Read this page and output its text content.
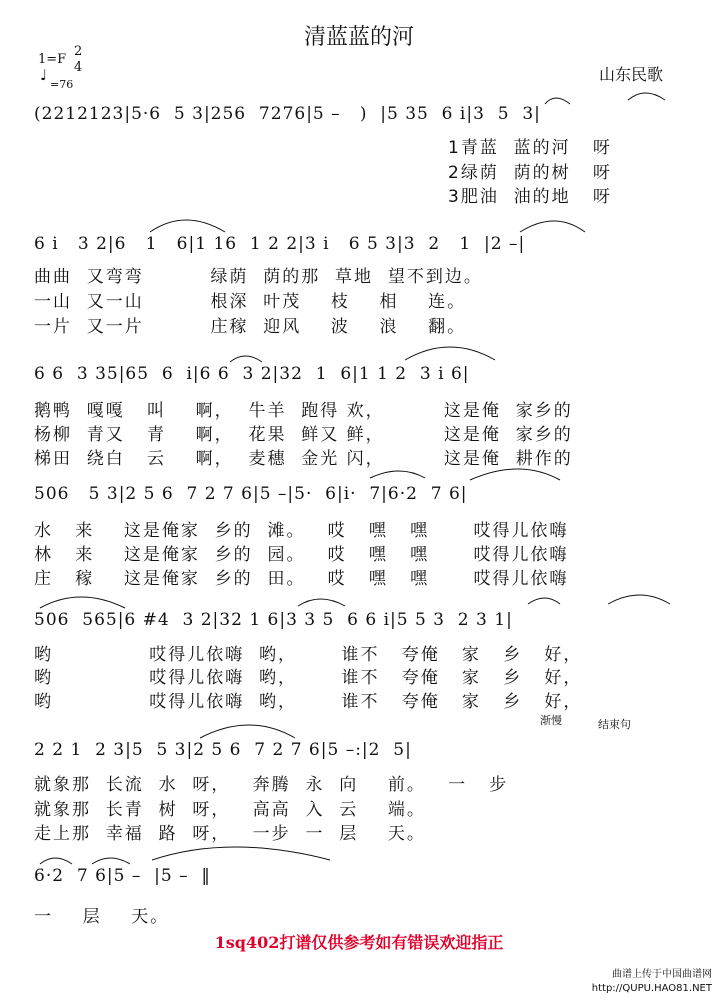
清蓝蓝的河
1=F
2
4
♩
=76
山东民歌
(2212123|5·6  5 3|256  7276|5 –   )  |5 35  6 i|3  5  3|
1青蓝  蓝的河   呀
2绿荫  荫的树   呀
3肥油  油的地   呀
6 i   3 2|6   1   6|1 16  1 2 2|3 i   6 5 3|3  2   1  |2 –|
曲曲  又弯弯         绿荫  荫的那  草地  望不到边。
一山  又一山         根深  叶茂    枝    相    连。
一片  又一片         庄稼  迎风    波    浪    翻。
6 6  3 35|65  6  i|6 6  3 2|32  1  6|1 1 2  3 i 6|
鹅鸭  嘎嘎   叫    啊，  牛羊  跑得 欢，        这是俺  家乡的
杨柳  青又   青    啊，  花果  鲜又 鲜，        这是俺  家乡的
梯田  绕白   云    啊，  麦穗  金光 闪，        这是俺  耕作的
506   5 3|2 5 6  7 2 7 6|5 –|5·  6|i·  7|6·2  7 6|
水   来    这是俺家  乡的  滩。   哎   嘿   嘿      哎得儿依嗨
林   来    这是俺家  乡的  园。   哎   嘿   嘿      哎得儿依嗨
庄   稼    这是俺家  乡的  田。   哎   嘿   嘿      哎得儿依嗨
506  565|6 #4  3 2|32 1 6|3 3 5  6 6 i|5 5 3  2 3 1|
哟             哎得儿依嗨  哟，      谁不   夸俺   家   乡   好，
哟             哎得儿依嗨  哟，      谁不   夸俺   家   乡   好，
哟             哎得儿依嗨  哟，      谁不   夸俺   家   乡   好，
渐慢	结束句
2 2 1  2 3|5  5 3|2 5 6  7 2 7 6|5 –:|2  5|
就象那  长流  水  呀，   奔腾  永  向    前。   一   步
就象那  长青  树  呀，   高高  入  云    端。
走上那  幸福  路  呀，   一步  一  层    天。
6·2  7 6|5 –  |5 –  ‖
一    层    天。
1sq402打谱仅供参考如有错误欢迎指正
曲谱上传于中国曲谱网
http://QUPU.HAO81.NET
